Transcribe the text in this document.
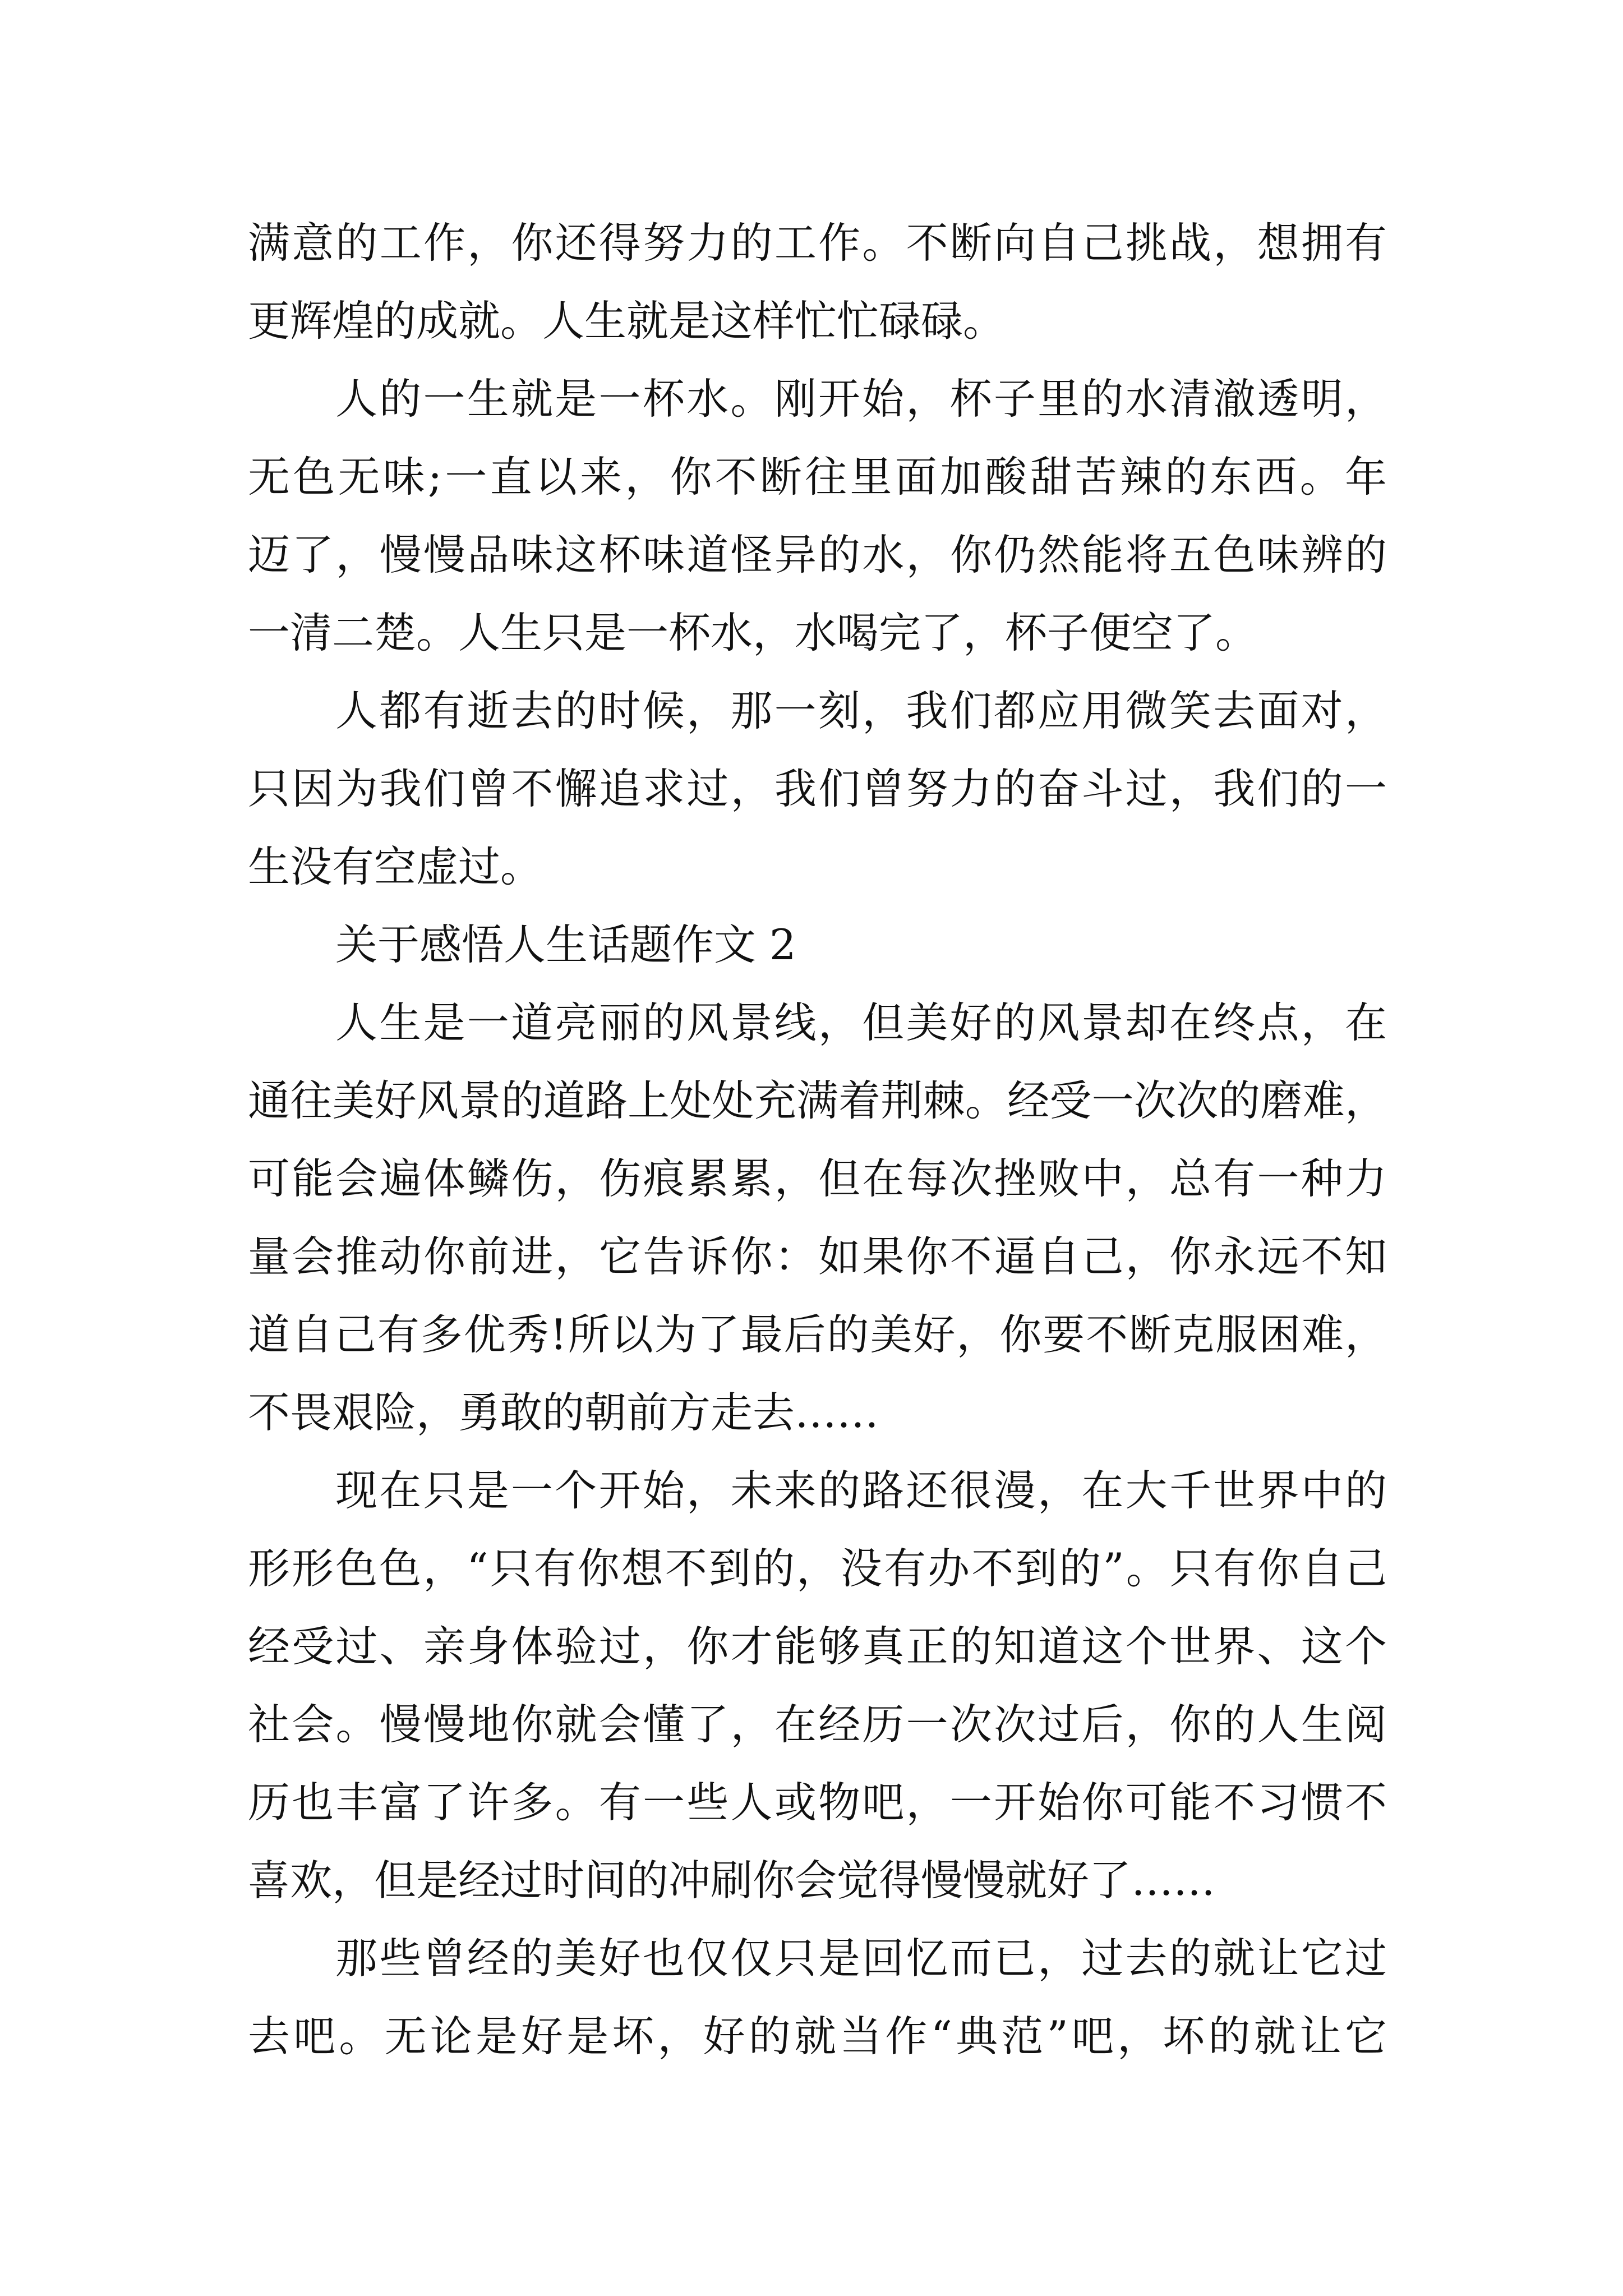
满意的工作，你还得努力的工作。不断向自己挑战，想拥有
更辉煌的成就。人生就是这样忙忙碌碌。
人的一生就是一杯水。刚开始，杯子里的水清澈透明，
无色无味;一直以来，你不断往里面加酸甜苦辣的东西。年
迈了，慢慢品味这杯味道怪异的水，你仍然能将五色味辨的
一清二楚。人生只是一杯水，水喝完了，杯子便空了。
人都有逝去的时候，那一刻，我们都应用微笑去面对，
只因为我们曾不懈追求过，我们曾努力的奋斗过，我们的一
生没有空虚过。
关于感悟人生话题作文 2
人生是一道亮丽的风景线，但美好的风景却在终点，在
通往美好风景的道路上处处充满着荆棘。经受一次次的磨难，
可能会遍体鳞伤，伤痕累累，但在每次挫败中，总有一种力
量会推动你前进，它告诉你：如果你不逼自己，你永远不知
道自己有多优秀!所以为了最后的美好，你要不断克服困难，
不畏艰险，勇敢的朝前方走去……
现在只是一个开始，未来的路还很漫，在大千世界中的
形形色色，“只有你想不到的，没有办不到的”。只有你自己
经受过、亲身体验过，你才能够真正的知道这个世界、这个
社会。慢慢地你就会懂了，在经历一次次过后，你的人生阅
历也丰富了许多。有一些人或物吧，一开始你可能不习惯不
喜欢，但是经过时间的冲刷你会觉得慢慢就好了……
那些曾经的美好也仅仅只是回忆而已，过去的就让它过
去吧。无论是好是坏，好的就当作“典范”吧，坏的就让它
